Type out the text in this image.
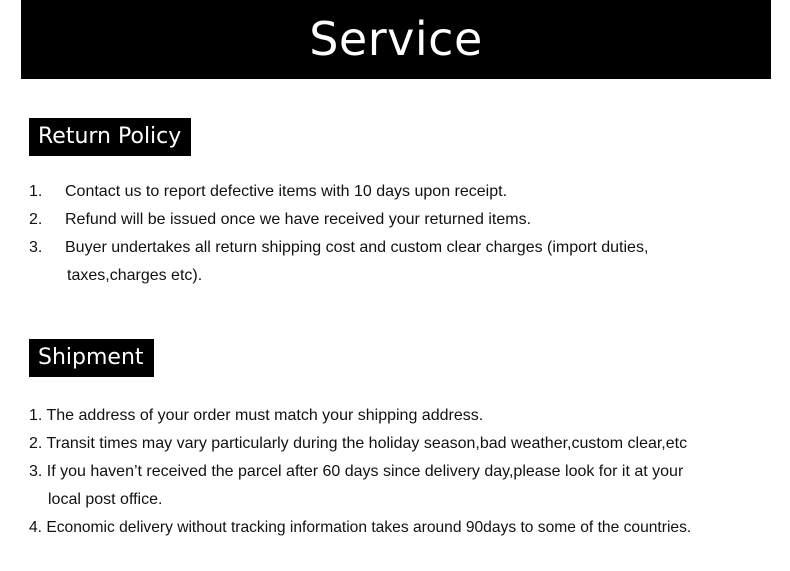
Service
Return Policy
1. Contact us to report defective items with 10 days upon receipt.
2. Refund will be issued once we have received your returned items.
3. Buyer undertakes all return shipping cost and custom clear charges (import duties,
taxes,charges etc).
Shipment
1. The address of your order must match your shipping address.
2. Transit times may vary particularly during the holiday season,bad weather,custom clear,etc
3. If you haven’t received the parcel after 60 days since delivery day,please look for it at your
local post office.
4. Economic delivery without tracking information takes around 90days to some of the countries.
